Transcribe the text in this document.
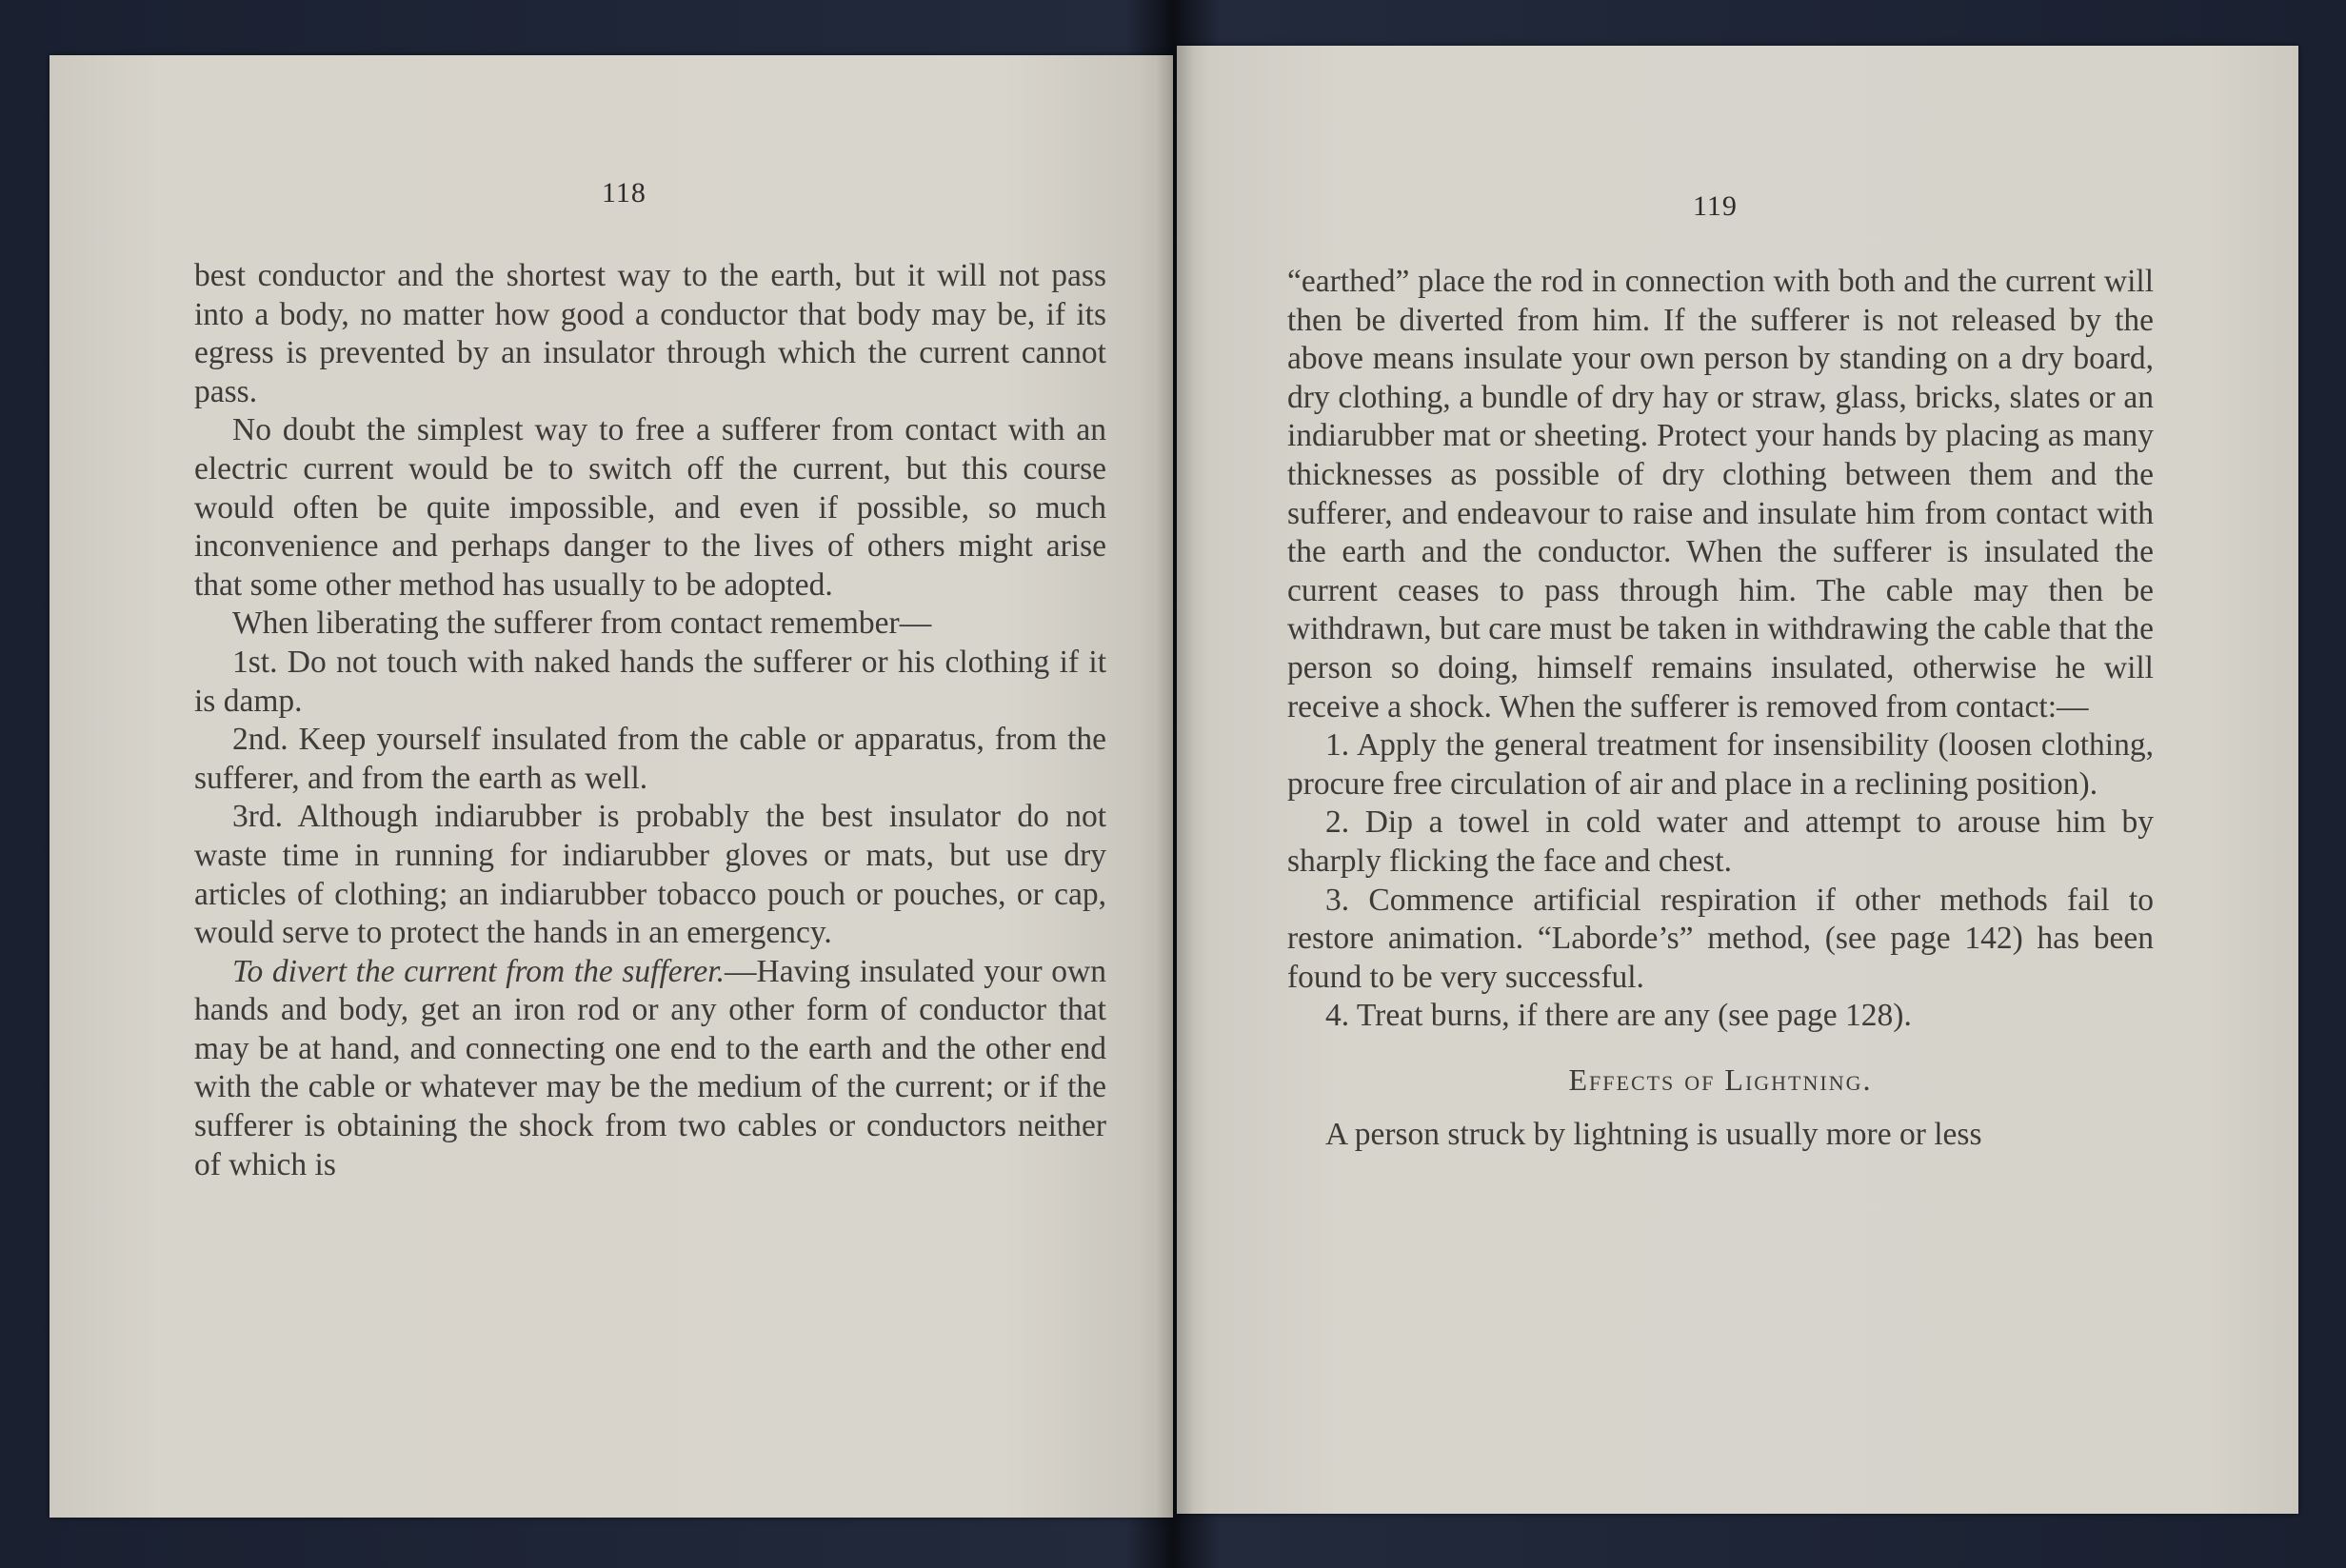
118

best conductor and the shortest way to the earth, but it will not pass into a body, no matter how good a conductor that body may be, if its egress is prevented by an insulator through which the current cannot pass.

No doubt the simplest way to free a sufferer from contact with an electric current would be to switch off the current, but this course would often be quite impossible, and even if possible, so much inconvenience and perhaps danger to the lives of others might arise that some other method has usually to be adopted.

When liberating the sufferer from contact remember—

1st. Do not touch with naked hands the sufferer or his clothing if it is damp.

2nd. Keep yourself insulated from the cable or apparatus, from the sufferer, and from the earth as well.

3rd. Although indiarubber is probably the best insulator do not waste time in running for indiarubber gloves or mats, but use dry articles of clothing; an indiarubber tobacco pouch or pouches, or cap, would serve to protect the hands in an emergency.

To divert the current from the sufferer.—Having insulated your own hands and body, get an iron rod or any other form of conductor that may be at hand, and connecting one end to the earth and the other end with the cable or whatever may be the medium of the current; or if the sufferer is obtaining the shock from two cables or conductors neither of which is

119

“earthed” place the rod in connection with both and the current will then be diverted from him. If the sufferer is not released by the above means insulate your own person by standing on a dry board, dry clothing, a bundle of dry hay or straw, glass, bricks, slates or an indiarubber mat or sheeting. Protect your hands by placing as many thicknesses as possible of dry clothing between them and the sufferer, and endeavour to raise and insulate him from contact with the earth and the conductor. When the sufferer is insulated the current ceases to pass through him. The cable may then be withdrawn, but care must be taken in withdrawing the cable that the person so doing, himself remains insulated, otherwise he will receive a shock. When the sufferer is removed from contact:—

1. Apply the general treatment for insensibility (loosen clothing, procure free circulation of air and place in a reclining position).

2. Dip a towel in cold water and attempt to arouse him by sharply flicking the face and chest.

3. Commence artificial respiration if other methods fail to restore animation. “Laborde’s” method, (see page 142) has been found to be very successful.

4. Treat burns, if there are any (see page 128).

Effects of Lightning.

A person struck by lightning is usually more or less
